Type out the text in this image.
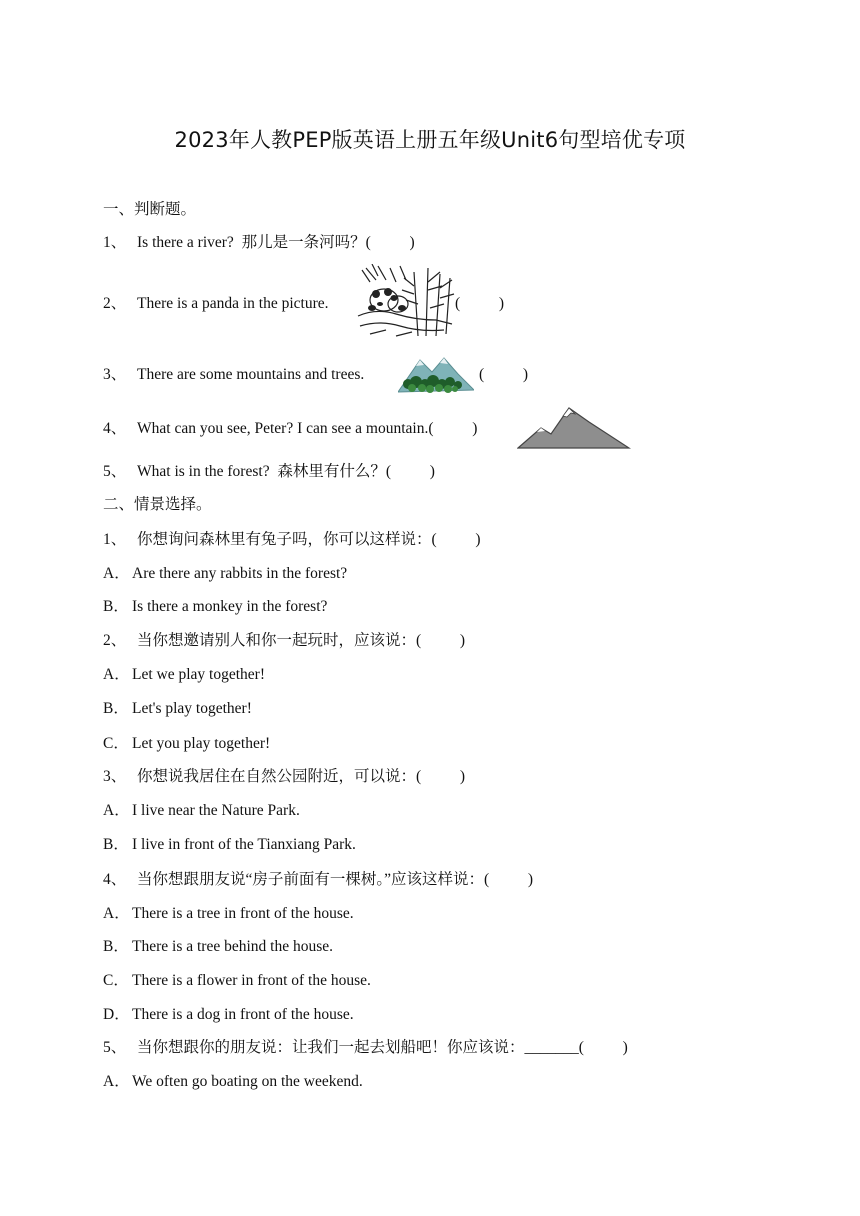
2023年人教PEP版英语上册五年级Unit6句型培优专项
一、判断题。
1、 Is there a river?  那儿是一条河吗？(          )
2、 There is a panda in the picture.	(          )
3、 There are some mountains and trees.	(          )
4、 What can you see, Peter? I can see a mountain.(          )
5、 What is in the forest?  森林里有什么？(          )
二、情景选择。
1、 你想询问森林里有兔子吗，你可以这样说：(          )
A． Are there any rabbits in the forest?
B． Is there a monkey in the forest?
2、 当你想邀请别人和你一起玩时，应该说：(          )
A． Let we play together!
B． Let's play together!
C． Let you play together!
3、 你想说我居住在自然公园附近，可以说：(          )
A． I live near the Nature Park.
B． I live in front of the Tianxiang Park.
4、 当你想跟朋友说“房子前面有一棵树。”应该这样说：(          )
A． There is a tree in front of the house.
B． There is a tree behind the house.
C． There is a flower in front of the house.
D． There is a dog in front of the house.
5、 当你想跟你的朋友说：让我们一起去划船吧！你应该说：_______(          )
A． We often go boating on the weekend.
